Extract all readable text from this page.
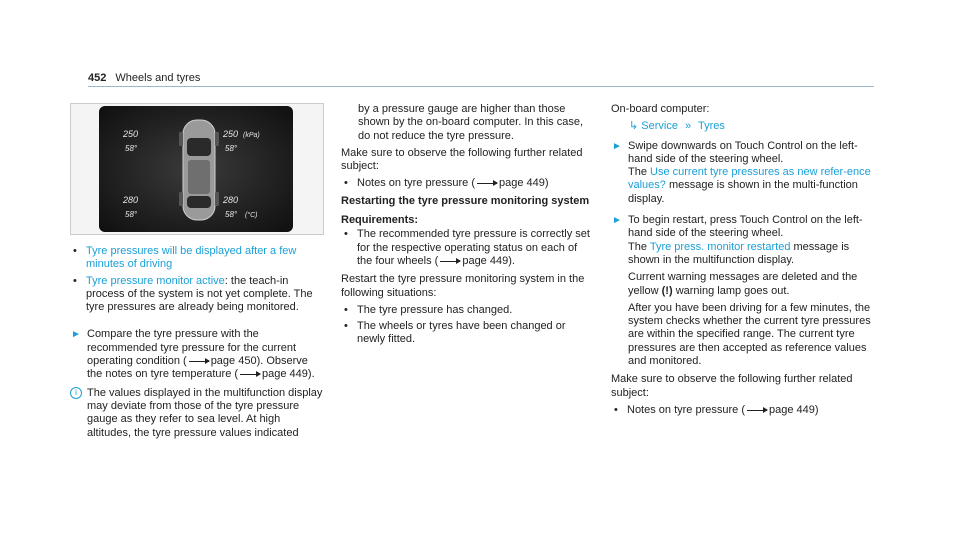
452 Wheels and tyres
250
58°
250 (kPa)
58°
280
58°
280
58° (°C)
• Tyre pressures will be displayed after a few minutes of driving
• Tyre pressure monitor active: the teach-in process of the system is not yet complete. The tyre pressures are already being monitored.
► Compare the tyre pressure with the recommended tyre pressure for the current operating condition ( page 450). Observe the notes on tyre temperature ( page 449).
i The values displayed in the multifunction display may deviate from those of the tyre pressure gauge as they refer to sea level. At high altitudes, the tyre pressure values indicated
by a pressure gauge are higher than those shown by the on-board computer. In this case, do not reduce the tyre pressure.
Make sure to observe the following further related subject:
• Notes on tyre pressure ( page 449)
Restarting the tyre pressure monitoring system
Requirements:
• The recommended tyre pressure is correctly set for the respective operating status on each of the four wheels ( page 449).
Restart the tyre pressure monitoring system in the following situations:
• The tyre pressure has changed.
• The wheels or tyres have been changed or newly fitted.
On-board computer:
↳ Service » Tyres
► Swipe downwards on Touch Control on the left-hand side of the steering wheel.
The Use current tyre pressures as new refer-ence values? message is shown in the multi-function display.
► To begin restart, press Touch Control on the left-hand side of the steering wheel.
The Tyre press. monitor restarted message is shown in the multifunction display.
Current warning messages are deleted and the yellow (!) warning lamp goes out.
After you have been driving for a few minutes, the system checks whether the current tyre pressures are within the specified range. The current tyre pressures are then accepted as reference values and monitored.
Make sure to observe the following further related subject:
• Notes on tyre pressure ( page 449)
